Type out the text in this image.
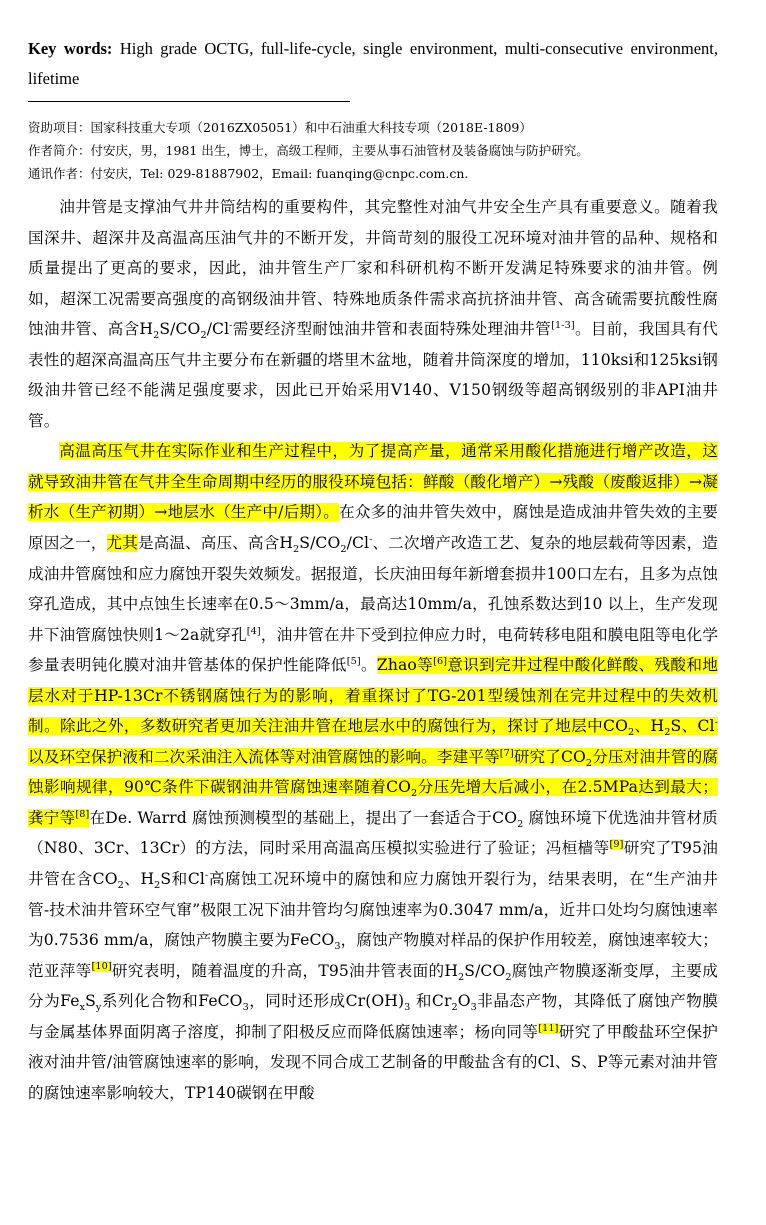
Key words: High grade OCTG, full-life-cycle, single environment, multi-consecutive environment, lifetime
资助项目：国家科技重大专项（2016ZX05051）和中石油重大科技专项（2018E-1809）
作者简介：付安庆，男，1981 出生，博士，高级工程师，主要从事石油管材及装备腐蚀与防护研究。
通讯作者：付安庆，Tel: 029-81887902，Email: fuanqing@cnpc.com.cn.

油井管是支撑油气井井筒结构的重要构件，其完整性对油气井安全生产具有重要意义。随着我国深井、超深井及高温高压油气井的不断开发，井筒苛刻的服役工况环境对油井管的品种、规格和质量提出了更高的要求，因此，油井管生产厂家和科研机构不断开发满足特殊要求的油井管。例如，超深工况需要高强度的高钢级油井管、特殊地质条件需求高抗挤油井管、高含硫需要抗酸性腐蚀油井管、高含$H_2S/CO_2/Cl^-$需要经济型耐蚀油井管和表面特殊处理油井管[1-3]。目前，我国具有代表性的超深高温高压气井主要分布在新疆的塔里木盆地，随着井筒深度的增加，110ksi和125ksi钢级油井管已经不能满足强度要求，因此已开始采用V140、V150钢级等超高钢级别的非API油井管。

高温高压气井在实际作业和生产过程中，为了提高产量，通常采用酸化措施进行增产改造，这就导致油井管在气井全生命周期中经历的服役环境包括：鲜酸（酸化增产）→残酸（废酸返排）→凝析水（生产初期）→地层水（生产中/后期）。在众多的油井管失效中，腐蚀是造成油井管失效的主要原因之一，尤其是高温、高压、高含$H_2S/CO_2/Cl^-$、二次增产改造工艺、复杂的地层载荷等因素，造成油井管腐蚀和应力腐蚀开裂失效频发。据报道，长庆油田每年新增套损井100口左右，且多为点蚀穿孔造成，其中点蚀生长速率在0.5～3mm/a，最高达10mm/a，孔蚀系数达到10 以上，生产发现井下油管腐蚀快则1～2a就穿孔[4]，油井管在井下受到拉伸应力时，电荷转移电阻和膜电阻等电化学参量表明钝化膜对油井管基体的保护性能降低[5]。Zhao等[6]意识到完井过程中酸化鲜酸、残酸和地层水对于HP-13Cr不锈钢腐蚀行为的影响，着重探讨了TG-201型缓蚀剂在完井过程中的失效机制。除此之外，多数研究者更加关注油井管在地层水中的腐蚀行为，探讨了地层中$CO_2$、$H_2S$、Cl-以及环空保护液和二次采油注入流体等对油管腐蚀的影响。李建平等[7]研究了$CO_2$分压对油井管的腐蚀影响规律，90℃条件下碳钢油井管腐蚀速率随着$CO_2$分压先增大后减小，在2.5MPa达到最大；龚宁等[8]在De. Warrd 腐蚀预测模型的基础上，提出了一套适合于$CO_2$ 腐蚀环境下优选油井管材质（N80、3Cr、13Cr）的方法，同时采用高温高压模拟实验进行了验证；冯桓樯等[9]研究了T95油井管在含$CO_2$、$H_2S$和Cl-高腐蚀工况环境中的腐蚀和应力腐蚀开裂行为，结果表明，在“生产油井管-技术油井管环空气窜”极限工况下油井管均匀腐蚀速率为0.3047 mm/a，近井口处均匀腐蚀速率为0.7536 mm/a，腐蚀产物膜主要为FeCO$_3$，腐蚀产物膜对样品的保护作用较差，腐蚀速率较大；范亚萍等[10]研究表明，随着温度的升高，T95油井管表面的$H_2S/CO_2$腐蚀产物膜逐渐变厚，主要成分为$Fe_xS_y$系列化合物和FeCO$_3$，同时还形成$Cr(OH)_3$ 和$Cr_2O_3$非晶态产物，其降低了腐蚀产物膜与金属基体界面阴离子溶度，抑制了阳极反应而降低腐蚀速率；杨向同等[11]研究了甲酸盐环空保护液对油井管/油管腐蚀速率的影响，发现不同合成工艺制备的甲酸盐含有的Cl、S、P等元素对油井管的腐蚀速率影响较大，TP140碳钢在甲酸
